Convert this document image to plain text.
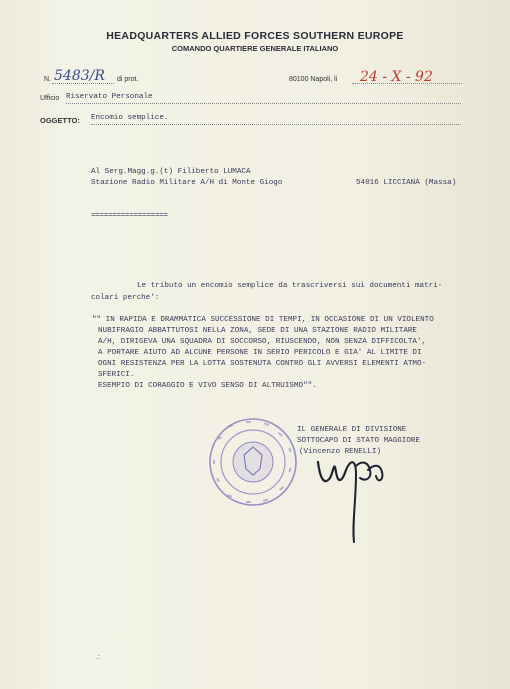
HEADQUARTERS ALLIED FORCES SOUTHERN EUROPE
COMANDO QUARTIERE GENERALE ITALIANO
N. 5483/R di prot.	80100 Napoli, li 24 - X - 92
Ufficio Riservato Personale
OGGETTO: Encomio semplice.
Al Serg.Magg.g.(t) Filiberto LUMACA
Stazione Radio Militare A/H di Monte Giogo	54016 LICCIANA (Massa)
==================
Le tributo un encomio semplice da trascriversi sui documenti matri-
colari perche':
"" IN RAPIDA E DRAMMATICA SUCCESSIONE DI TEMPI, IN OCCASIONE DI UN VIOLENTO
NUBIFRAGIO ABBATTUTOSI NELLA ZONA, SEDE DI UNA STAZIONE RADIO MILITARE
A/H, DIRIGEVA UNA SQUADRA DI SOCCORSO, RIUSCENDO, NON SENZA DIFFICOLTA',
A PORTARE AIUTO AD ALCUNE PERSONE IN SERIO PERICOLO E GIA' AL LIMITE DI
OGNI RESISTENZA PER LA LOTTA SOSTENUTA CONTRO GLI AVVERSI ELEMENTI ATMO-
SFERICI.
ESEMPIO DI CORAGGIO E VIVO SENSO DI ALTRUISMO"".
IL GENERALE DI DIVISIONE
SOTTOCAPO DI STATO MAGGIORE
(Vincenzo RENELLI)
.:
